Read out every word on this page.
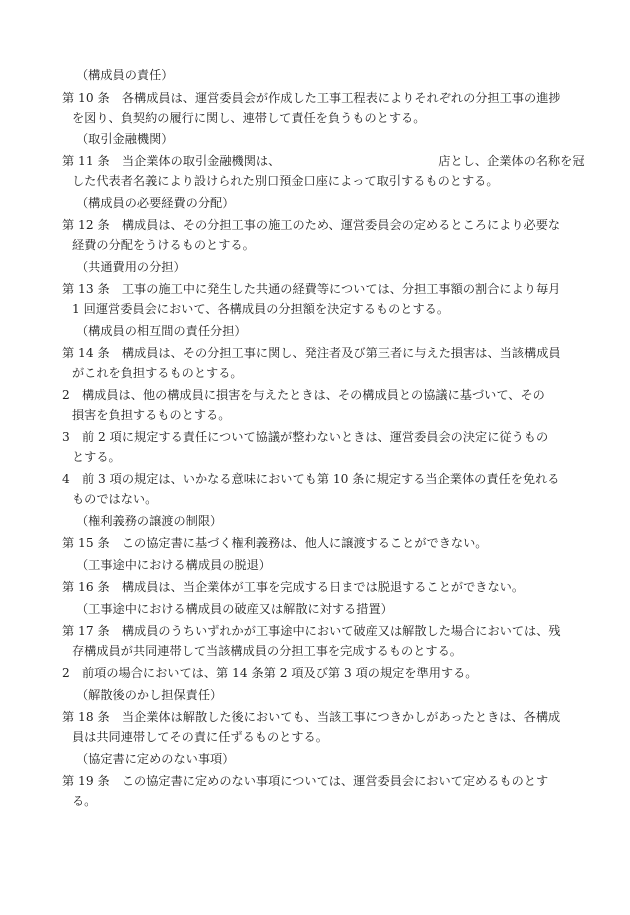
（構成員の責任）
第 10 条　各構成員は、運営委員会が作成した工事工程表によりそれぞれの分担工事の進捗
を図り、負契約の履行に関し、連帯して責任を負うものとする。
（取引金融機関）
第 11 条　当企業体の取引金融機関は、	店とし、企業体の名称を冠
した代表者名義により設けられた別口預金口座によって取引するものとする。
（構成員の必要経費の分配）
第 12 条　構成員は、その分担工事の施工のため、運営委員会の定めるところにより必要な
経費の分配をうけるものとする。
（共通費用の分担）
第 13 条　工事の施工中に発生した共通の経費等については、分担工事額の割合により毎月
1 回運営委員会において、各構成員の分担額を決定するものとする。
（構成員の相互間の責任分担）
第 14 条　構成員は、その分担工事に関し、発注者及び第三者に与えた損害は、当該構成員
がこれを負担するものとする。
2　構成員は、他の構成員に損害を与えたときは、その構成員との協議に基づいて、その
損害を負担するものとする。
3　前 2 項に規定する責任について協議が整わないときは、運営委員会の決定に従うもの
とする。
4　前 3 項の規定は、いかなる意味においても第 10 条に規定する当企業体の責任を免れる
ものではない。
（権利義務の譲渡の制限）
第 15 条　この協定書に基づく権利義務は、他人に譲渡することができない。
（工事途中における構成員の脱退）
第 16 条　構成員は、当企業体が工事を完成する日までは脱退することができない。
（工事途中における構成員の破産又は解散に対する措置）
第 17 条　構成員のうちいずれかが工事途中において破産又は解散した場合においては、残
存構成員が共同連帯して当該構成員の分担工事を完成するものとする。
2　前項の場合においては、第 14 条第 2 項及び第 3 項の規定を準用する。
（解散後のかし担保責任）
第 18 条　当企業体は解散した後においても、当該工事につきかしがあったときは、各構成
員は共同連帯してその責に任ずるものとする。
（協定書に定めのない事項）
第 19 条　この協定書に定めのない事項については、運営委員会において定めるものとす
る。
